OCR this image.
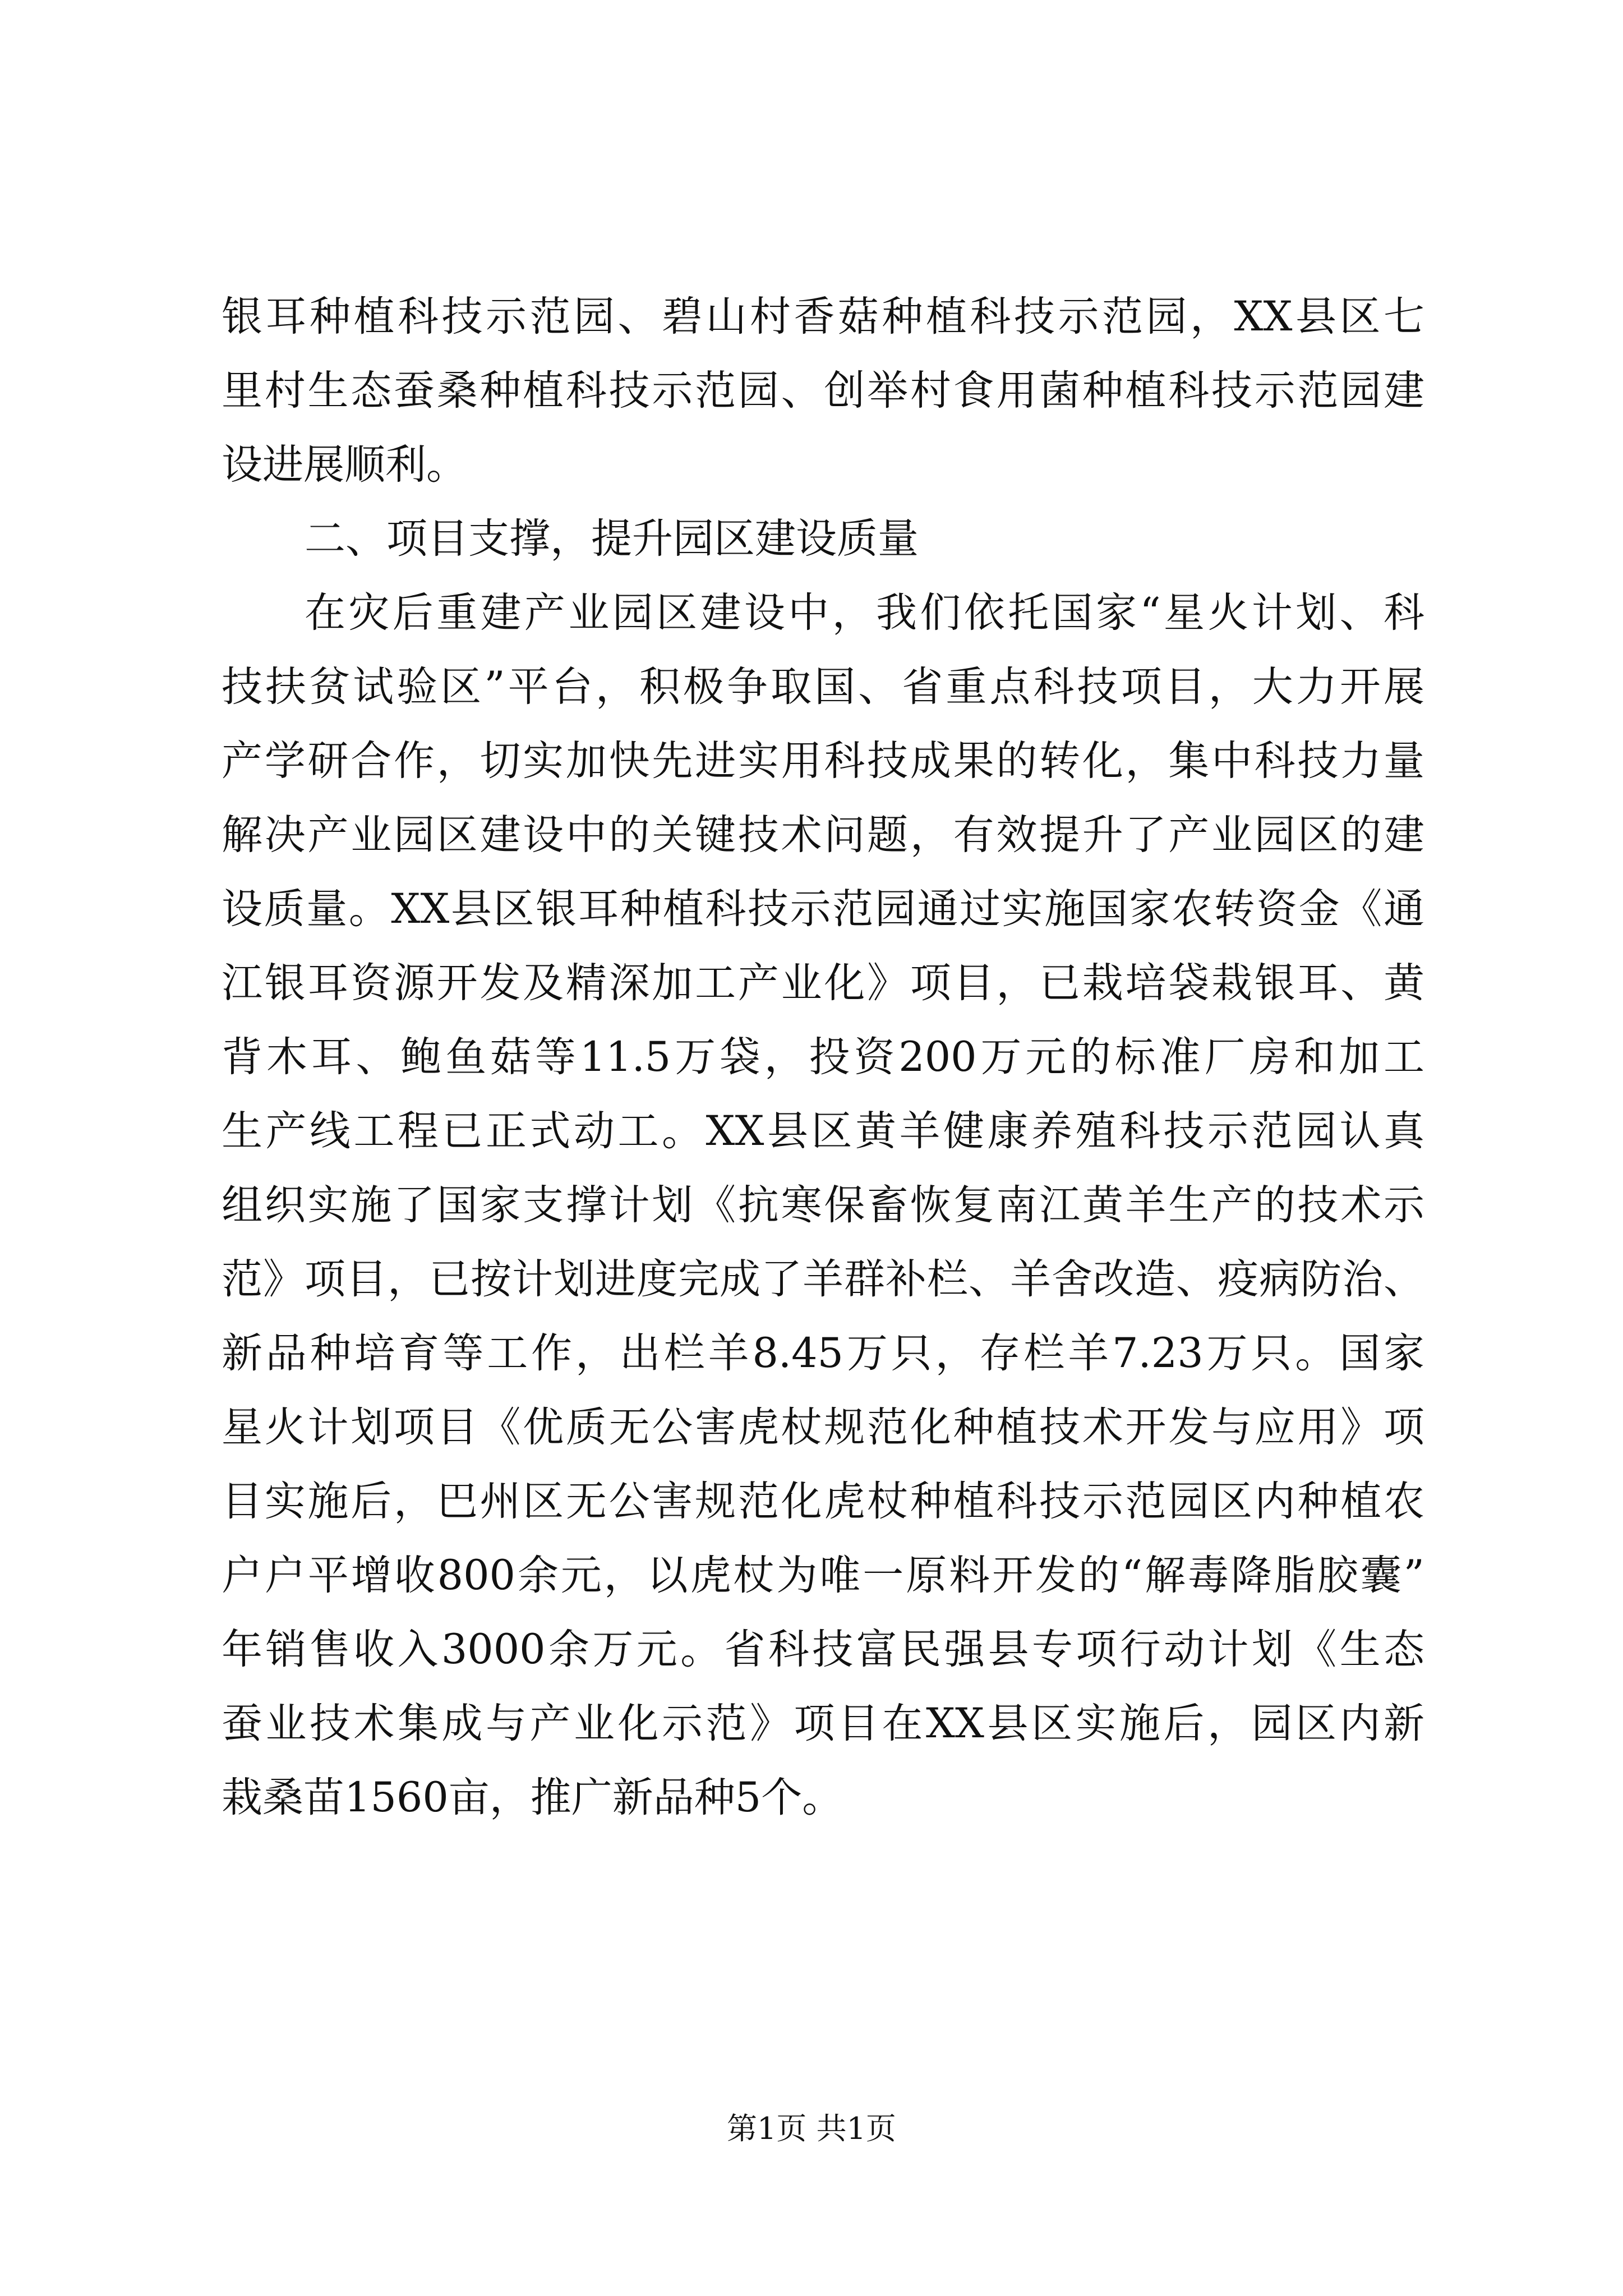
银耳种植科技示范园、碧山村香菇种植科技示范园，XX县区七
里村生态蚕桑种植科技示范园、创举村食用菌种植科技示范园建
设进展顺利。
二、项目支撑，提升园区建设质量
在灾后重建产业园区建设中，我们依托国家“星火计划、科
技扶贫试验区”平台，积极争取国、省重点科技项目，大力开展
产学研合作，切实加快先进实用科技成果的转化，集中科技力量
解决产业园区建设中的关键技术问题，有效提升了产业园区的建
设质量。XX县区银耳种植科技示范园通过实施国家农转资金《通
江银耳资源开发及精深加工产业化》项目，已栽培袋栽银耳、黄
背木耳、鲍鱼菇等11.5万袋，投资200万元的标准厂房和加工
生产线工程已正式动工。XX县区黄羊健康养殖科技示范园认真
组织实施了国家支撑计划《抗寒保畜恢复南江黄羊生产的技术示
范》项目，已按计划进度完成了羊群补栏、羊舍改造、疫病防治、
新品种培育等工作，出栏羊8.45万只，存栏羊7.23万只。国家
星火计划项目《优质无公害虎杖规范化种植技术开发与应用》项
目实施后，巴州区无公害规范化虎杖种植科技示范园区内种植农
户户平增收800余元，以虎杖为唯一原料开发的“解毒降脂胶囊”
年销售收入3000余万元。省科技富民强县专项行动计划《生态
蚕业技术集成与产业化示范》项目在XX县区实施后，园区内新
栽桑苗1560亩，推广新品种5个。
第1页 共1页
